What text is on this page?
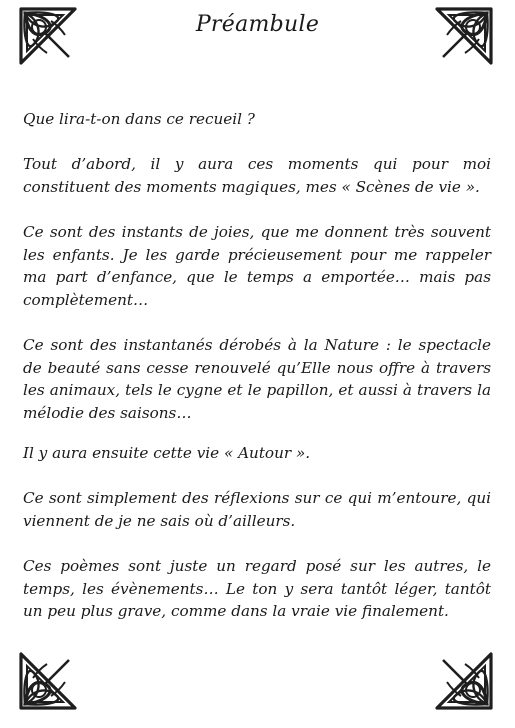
Préambule

Que lira-t-on dans ce recueil ?

Tout d’abord, il y aura ces moments qui pour moi constituent des moments magiques, mes « Scènes de vie ».

Ce sont des instants de joies, que me donnent très souvent les enfants. Je les garde précieusement pour me rappeler ma part d’enfance, que le temps a emportée… mais pas complètement…

Ce sont des instantanés dérobés à la Nature : le spectacle de beauté sans cesse renouvelé qu’Elle nous offre à travers les animaux, tels le cygne et le papillon, et aussi à travers la mélodie des saisons…

Il y aura ensuite cette vie « Autour ».

Ce sont simplement des réflexions sur ce qui m’entoure, qui viennent de je ne sais où d’ailleurs.

Ces poèmes sont juste un regard posé sur les autres, le temps, les évènements… Le ton y sera tantôt léger, tantôt un peu plus grave, comme dans la vraie vie finalement.
